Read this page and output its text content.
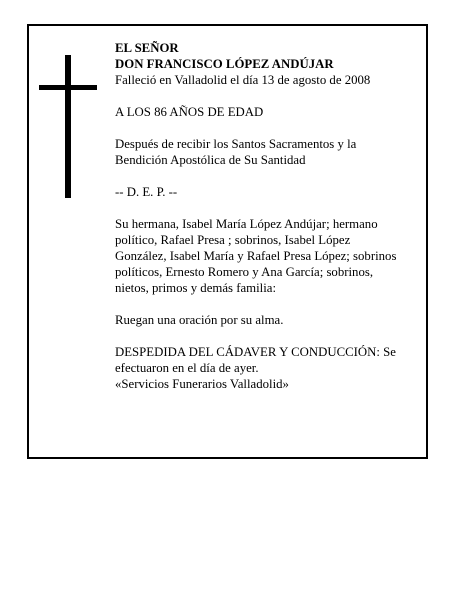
EL SEÑOR

DON FRANCISCO LÓPEZ ANDÚJAR

Falleció en Valladolid el día 13 de agosto de 2008

A LOS 86 AÑOS DE EDAD

Después de recibir los Santos Sacramentos y la

Bendición Apostólica de Su Santidad

-- D. E. P. --

Su hermana, Isabel María López Andújar; hermano

político, Rafael Presa ; sobrinos, Isabel López

González, Isabel María y Rafael Presa López; sobrinos

políticos, Ernesto Romero y Ana García; sobrinos,

nietos, primos y demás familia:

Ruegan una oración por su alma.

DESPEDIDA DEL CÁDAVER Y CONDUCCIÓN: Se

efectuaron en el día de ayer.

«Servicios Funerarios Valladolid»
